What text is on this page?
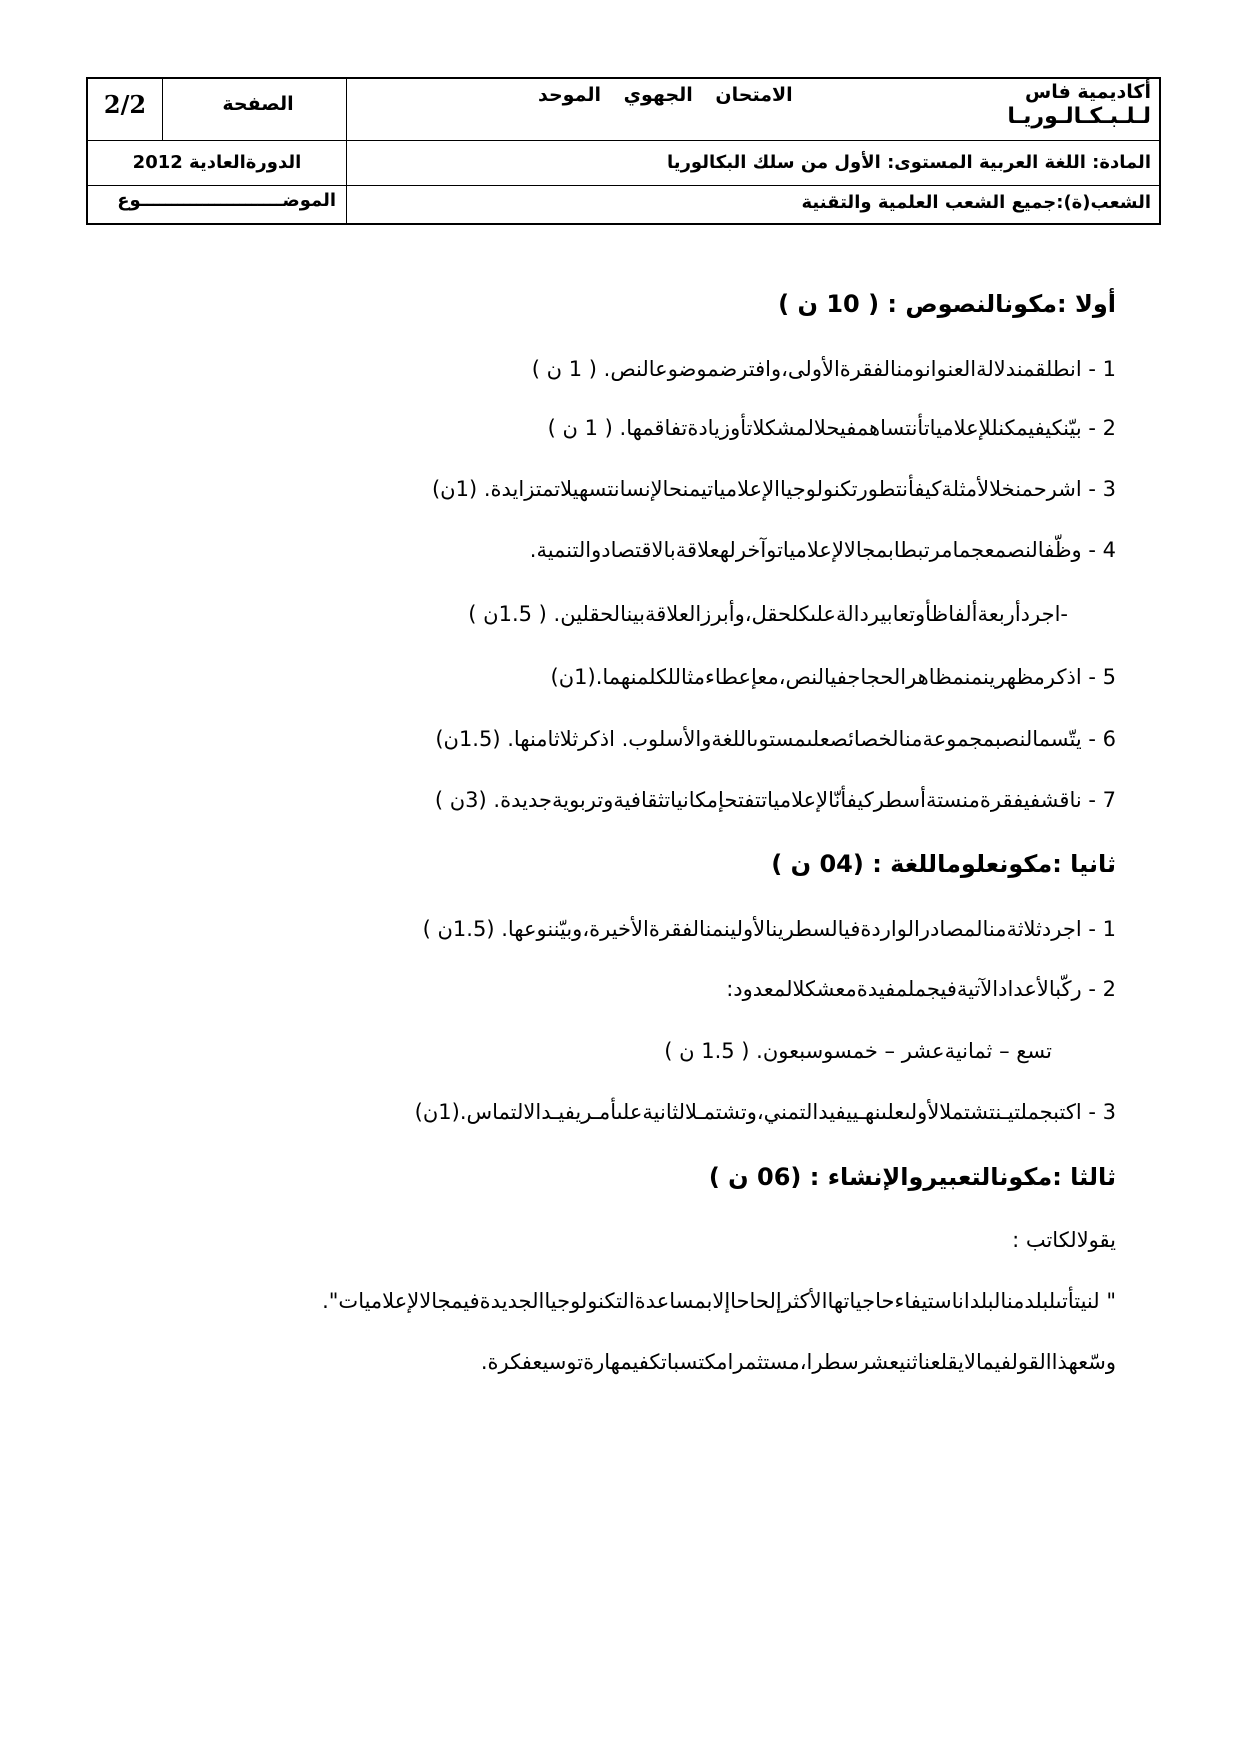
2/2	الصفحة	الامتحان الجهوي الموحد	أكاديمية فاس
لـلـبـكـالـوريـا
الدورةالعادية 2012	المادة: اللغة العربية المستوى: الأول من سلك البكالوريا
الموضـــــــــــــــــــــــوع	الشعب(ة):جميع الشعب العلمية والتقنية
أولا :مكونالنصوص : ( 10 ن )
1 - انطلقمندلالةالعنوانومنالفقرةالأولى،وافترضموضوعالنص. ( 1 ن )
2 - بيّنكيفيمكنللإعلامياتأنتساهمفيحلالمشكلاتأوزيادةتفاقمها. ( 1 ن )
3 - اشرحمنخلالأمثلةكيفأنتطورتكنولوجياالإعلامياتيمنحالإنسانتسهيلاتمتزايدة. (1ن)
4 - وظّفالنصمعجمامرتبطابمجالالإعلامياتوآخرلهعلاقةبالاقتصادوالتنمية.
-اجردأربعةألفاظأوتعابيردالةعلىكلحقل،وأبرزالعلاقةبينالحقلين. ( 1.5ن )
5 - اذكرمظهرينمنمظاهرالحجاجفيالنص،معإعطاءمثاللكلمنهما.(1ن)
6 - يتّسمالنصبمجموعةمنالخصائصعلىمستوىاللغةوالأسلوب. اذكرثلاثامنها. (1.5ن)
7 - ناقشفيفقرةمنستةأسطركيفأنّالإعلامياتتفتحإمكانياتثقافيةوتربويةجديدة. (3ن )
ثانيا :مكونعلوماللغة : (04 ن )
1 - اجردثلاثةمنالمصادرالواردةفيالسطرينالأولينمنالفقرةالأخيرة،وبيّننوعها. (1.5ن )
2 - ركّبالأعدادالآتيةفيجملمفيدةمعشكلالمعدود:
تسع – ثمانيةعشر – خمسوسبعون. ( 1.5 ن )
3 - اكتبجملتيـنتشتملالأولىعلىنهـييفيدالتمني،وتشتمـلالثانيةعلىأمـريفيـدالالتماس.(1ن)
ثالثا :مكونالتعبيروالإنشاء : (06 ن )
يقولالكاتب :
" لنيتأتىلبلدمنالبلداناستيفاءحاجياتهاالأكثرإلحاحاإلابمساعدةالتكنولوجياالجديدةفيمجالالإعلاميات".
وسّعهذاالقولفيمالايقلعناثنيعشرسطرا،مستثمرامكتسباتكفيمهارةتوسيعفكرة.
